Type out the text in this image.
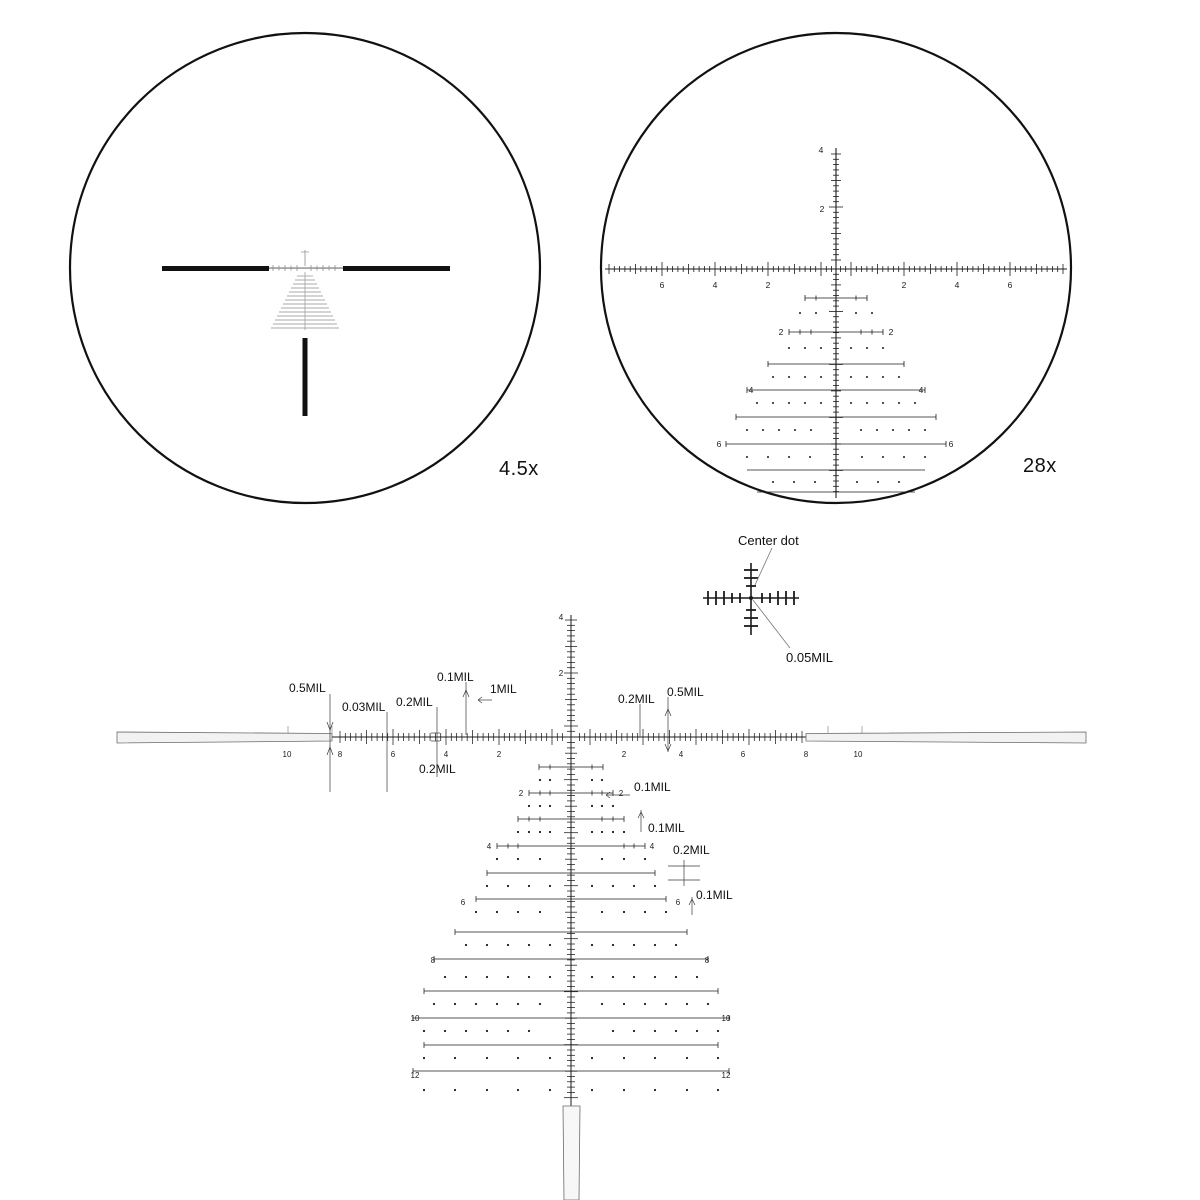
6	4	2	2	4	6
2
4
2	2
4	4
6	6
10	8	6	4	2	2	4	6	8	10
2
4
2	2
4	4
6	6
8	8
10	10
12	12
4.5x	28x
Center dot
0.05MIL
0.5MIL
0.03MIL 0.2MIL
0.1MIL
1MIL
0.2MIL
0.2MIL 0.5MIL
0.1MIL
0.1MIL
0.2MIL
0.1MIL
